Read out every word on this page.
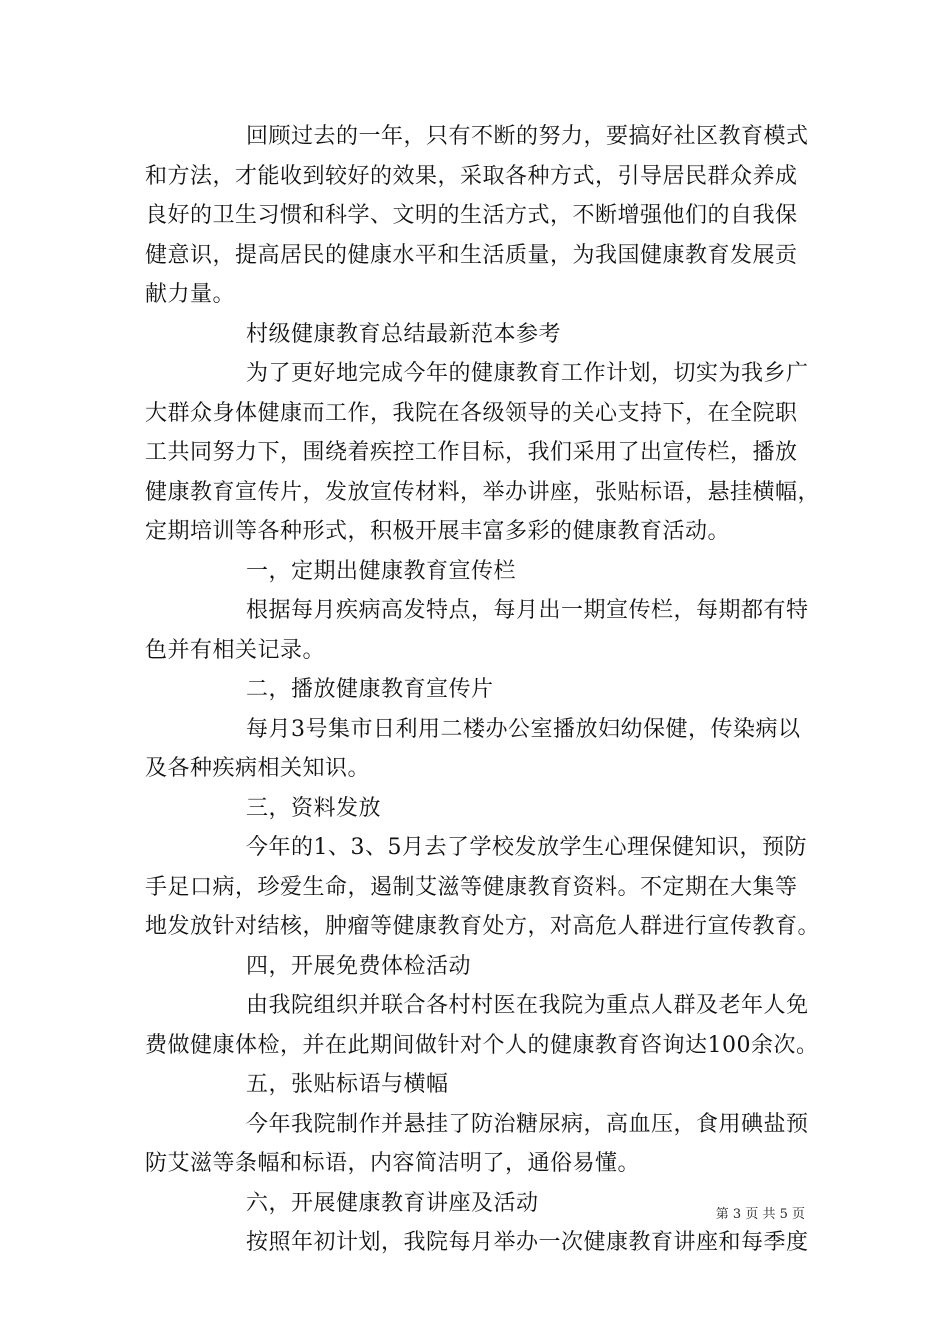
回顾过去的一年，只有不断的努力，要搞好社区教育模式
和方法，才能收到较好的效果，采取各种方式，引导居民群众养成
良好的卫生习惯和科学、文明的生活方式，不断增强他们的自我保
健意识，提高居民的健康水平和生活质量，为我国健康教育发展贡
献力量。
村级健康教育总结最新范本参考
为了更好地完成今年的健康教育工作计划，切实为我乡广
大群众身体健康而工作，我院在各级领导的关心支持下，在全院职
工共同努力下，围绕着疾控工作目标，我们采用了出宣传栏，播放
健康教育宣传片，发放宣传材料，举办讲座，张贴标语，悬挂横幅，
定期培训等各种形式，积极开展丰富多彩的健康教育活动。
一，定期出健康教育宣传栏
根据每月疾病高发特点，每月出一期宣传栏，每期都有特
色并有相关记录。
二，播放健康教育宣传片
每月3号集市日利用二楼办公室播放妇幼保健，传染病以
及各种疾病相关知识。
三，资料发放
今年的1、3、5月去了学校发放学生心理保健知识，预防
手足口病，珍爱生命，遏制艾滋等健康教育资料。不定期在大集等
地发放针对结核，肿瘤等健康教育处方，对高危人群进行宣传教育。
四，开展免费体检活动
由我院组织并联合各村村医在我院为重点人群及老年人免
费做健康体检，并在此期间做针对个人的健康教育咨询达100余次。
五，张贴标语与横幅
今年我院制作并悬挂了防治糖尿病，高血压，食用碘盐预
防艾滋等条幅和标语，内容简洁明了，通俗易懂。
六，开展健康教育讲座及活动
按照年初计划，我院每月举办一次健康教育讲座和每季度
第 3 页 共 5 页
